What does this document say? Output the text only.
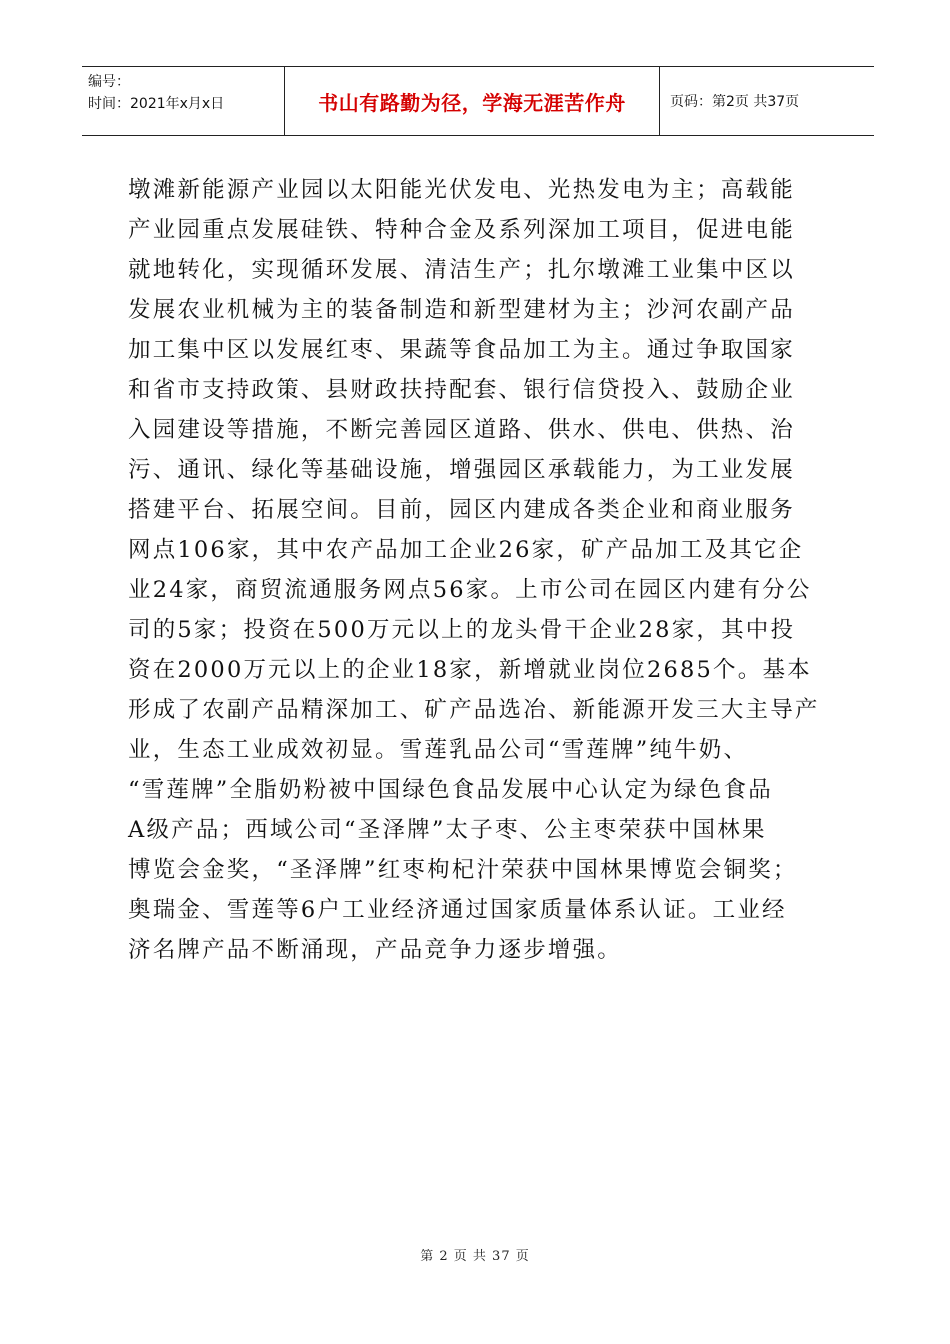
编号：
时间：2021年x月x日	书山有路勤为径，学海无涯苦作舟	页码：第2页 共37页
墩滩新能源产业园以太阳能光伏发电、光热发电为主；高载能
产业园重点发展硅铁、特种合金及系列深加工项目，促进电能
就地转化，实现循环发展、清洁生产；扎尔墩滩工业集中区以
发展农业机械为主的装备制造和新型建材为主；沙河农副产品
加工集中区以发展红枣、果蔬等食品加工为主。通过争取国家
和省市支持政策、县财政扶持配套、银行信贷投入、鼓励企业
入园建设等措施，不断完善园区道路、供水、供电、供热、治
污、通讯、绿化等基础设施，增强园区承载能力，为工业发展
搭建平台、拓展空间。目前，园区内建成各类企业和商业服务
网点106家，其中农产品加工企业26家，矿产品加工及其它企
业24家，商贸流通服务网点56家。上市公司在园区内建有分公
司的5家；投资在500万元以上的龙头骨干企业28家，其中投
资在2000万元以上的企业18家，新增就业岗位2685个。基本
形成了农副产品精深加工、矿产品选冶、新能源开发三大主导产
业，生态工业成效初显。雪莲乳品公司“雪莲牌”纯牛奶、
“雪莲牌”全脂奶粉被中国绿色食品发展中心认定为绿色食品
A级产品；西域公司“圣泽牌”太子枣、公主枣荣获中国林果
博览会金奖，“圣泽牌”红枣枸杞汁荣获中国林果博览会铜奖；
奥瑞金、雪莲等6户工业经济通过国家质量体系认证。工业经
济名牌产品不断涌现，产品竞争力逐步增强。
第 2 页 共 37 页
